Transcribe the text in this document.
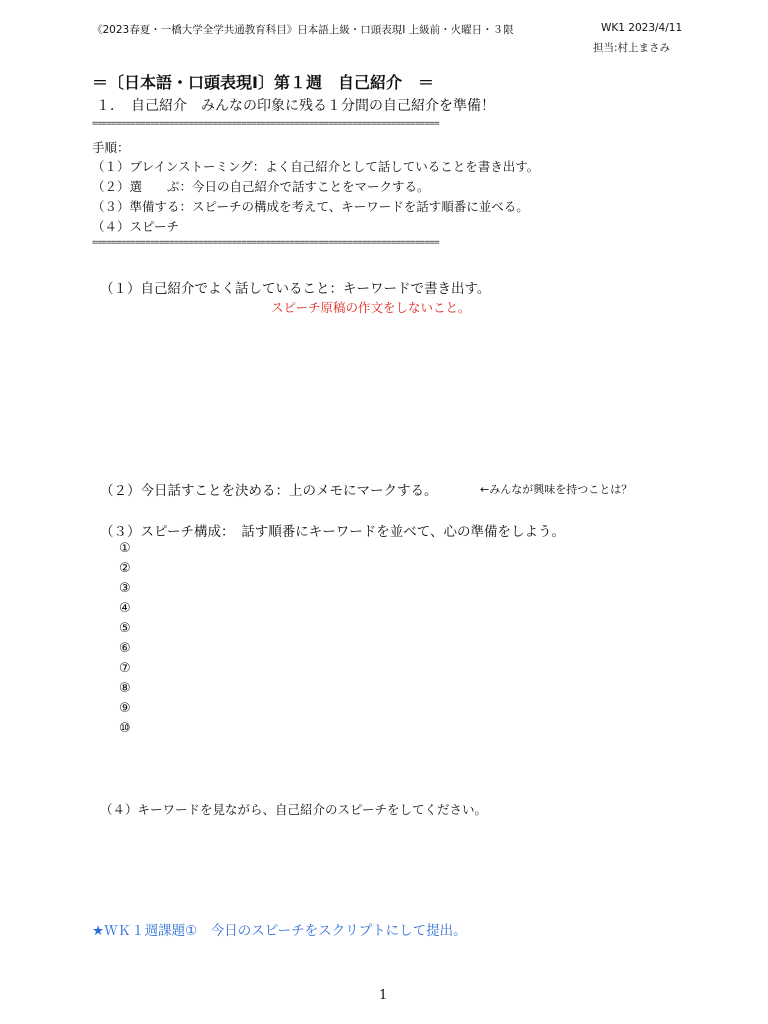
《2023春夏・一橋大学全学共通教育科目》日本語上級・口頭表現Ⅰ 上級前・火曜日・３限	WK1 2023/4/11
担当:村上まさみ
＝〔日本語・口頭表現Ⅰ〕第１週　自己紹介　＝
１．　自己紹介　みんなの印象に残る１分間の自己紹介を準備！
========================================================================
手順：
（１）ブレインストーミング：よく自己紹介として話していることを書き出す。
（２）選　　ぶ：今日の自己紹介で話すことをマークする。
（３）準備する：スピーチの構成を考えて、キーワードを話す順番に並べる。
（４）スピーチ
========================================================================
（１）自己紹介でよく話していること：キーワードで書き出す。
スピーチ原稿の作文をしないこと。
（２）今日話すことを決める：上のメモにマークする。	←みんなが興味を持つことは？
（３）スピーチ構成：　話す順番にキーワードを並べて、心の準備をしよう。
①
②
③
④
⑤
⑥
⑦
⑧
⑨
⑩
（４）キーワードを見ながら、自己紹介のスピーチをしてください。
★ＷＫ１週課題①　今日のスピーチをスクリプトにして提出。
1
